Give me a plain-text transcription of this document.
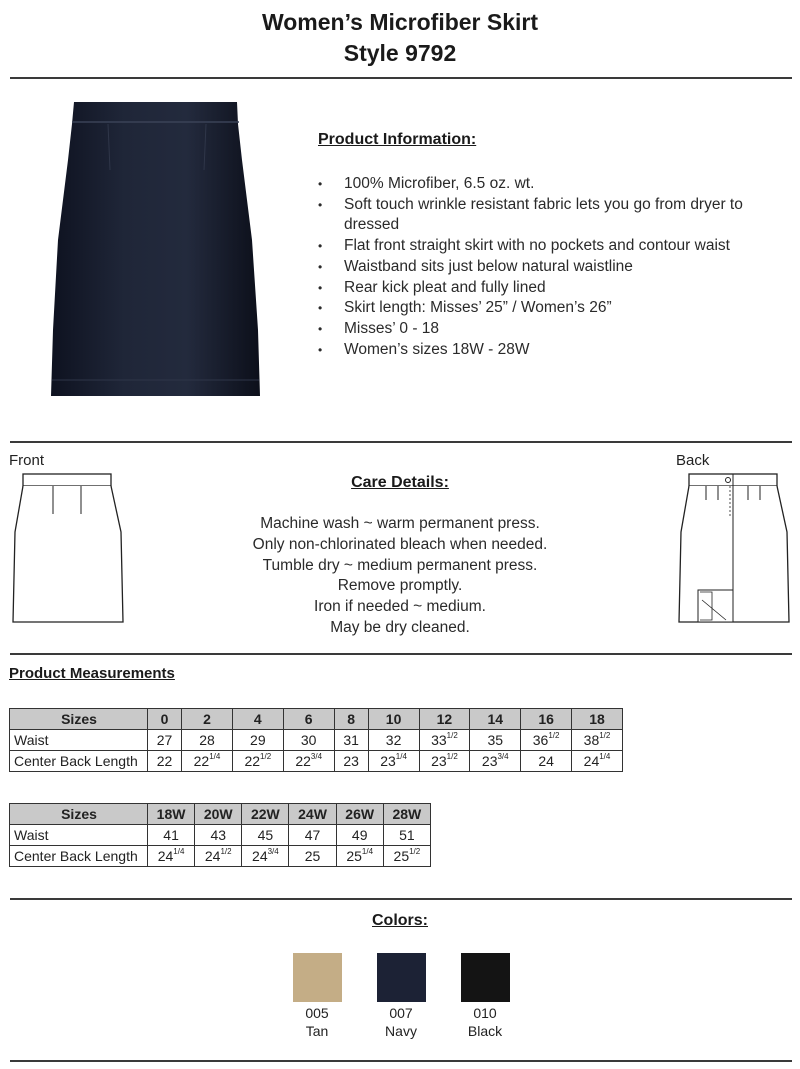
Women’s Microfiber Skirt
Style 9792
Product Information:
• 100% Microfiber, 6.5 oz. wt.
• Soft touch wrinkle resistant fabric lets you go from dryer to dressed
• Flat front straight skirt with no pockets and contour waist
• Waistband sits just below natural waistline
• Rear kick pleat and fully lined
• Skirt length: Misses’ 25” / Women’s 26”
• Misses’ 0 - 18
• Women’s sizes 18W - 28W
Front	Back
Care Details:
Machine wash ~ warm permanent press.
Only non-chlorinated bleach when needed.
Tumble dry ~ medium permanent press.
Remove promptly.
Iron if needed ~ medium.
May be dry cleaned.
Product Measurements
Sizes	0	2	4	6	8	10	12	14	16	18
Waist	27	28	29	30	31	32	$33^{1/2}$	35	$36^{1/2}$	$38^{1/2}$
Center Back Length	22	$22^{1/4}$	$22^{1/2}$	$22^{3/4}$	23	$23^{1/4}$	$23^{1/2}$	$23^{3/4}$	24	$24^{1/4}$
Sizes	18W	20W	22W	24W	26W	28W
Waist	41	43	45	47	49	51
Center Back Length	$24^{1/4}$	$24^{1/2}$	$24^{3/4}$	25	$25^{1/4}$	$25^{1/2}$
Colors:
005
Tan
007
Navy
010
Black
